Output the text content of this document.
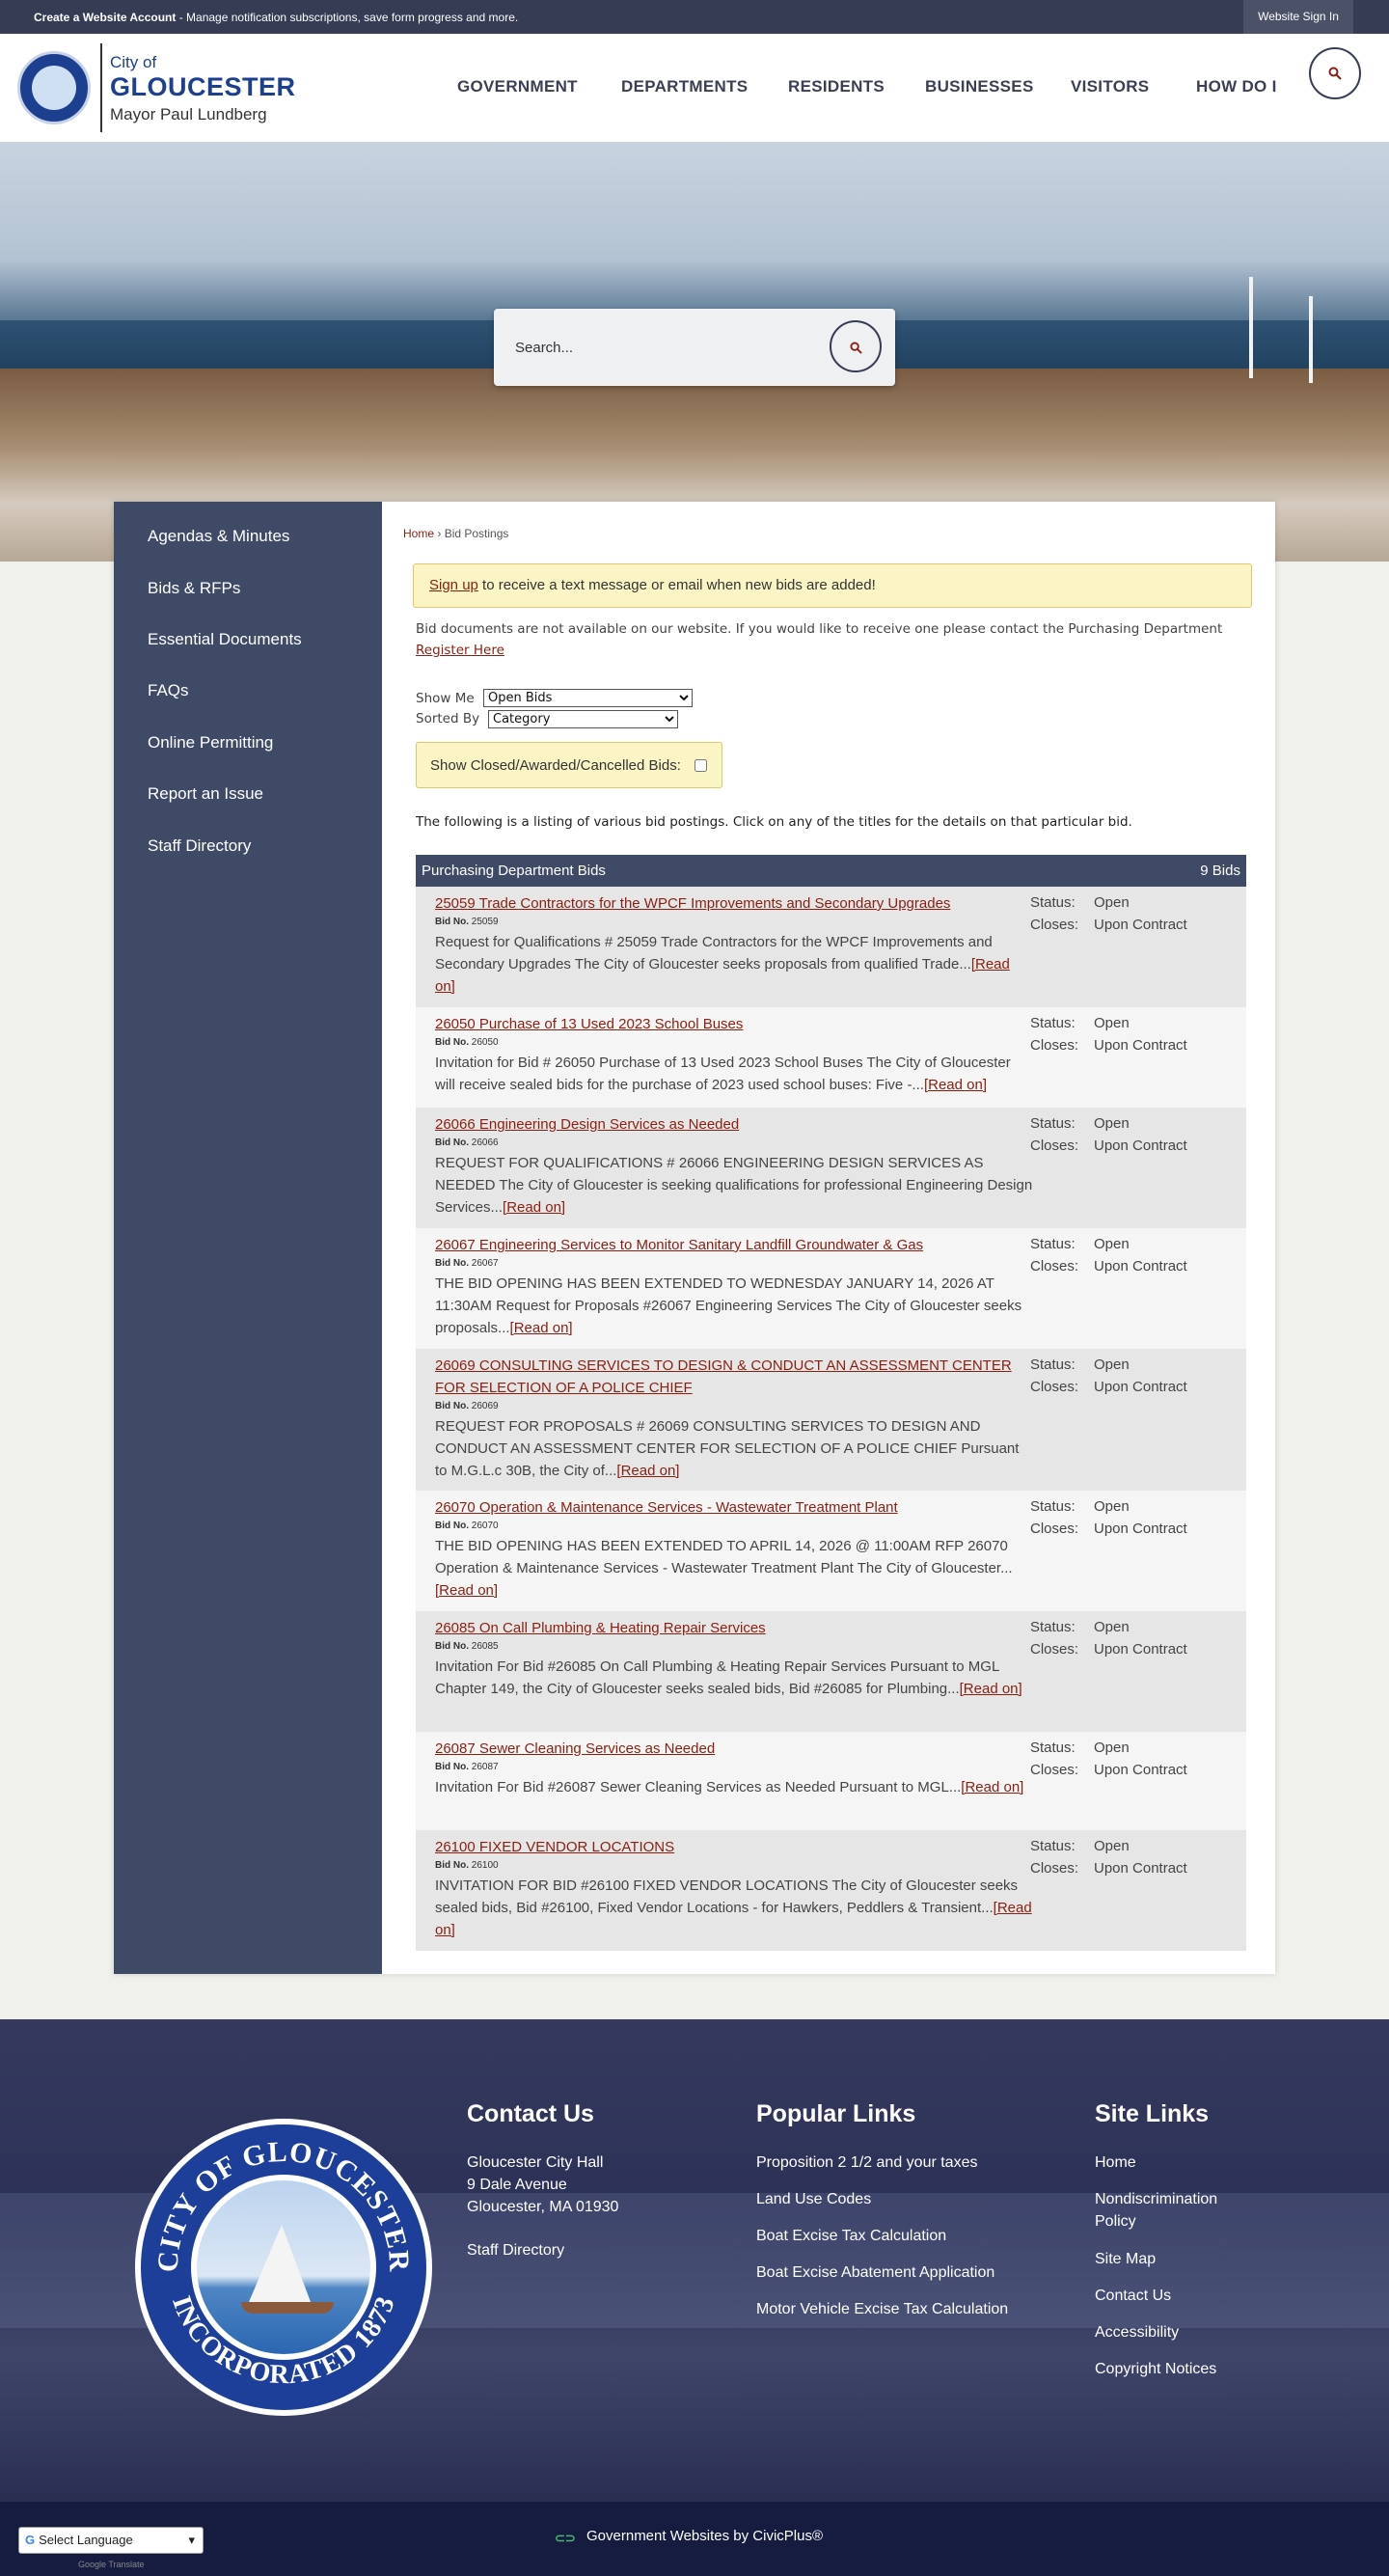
Create a Website Account - Manage notification subscriptions, save form progress and more.	Website Sign In
City of
GLOUCESTER
Mayor Paul Lundberg
GOVERNMENT	DEPARTMENTS RESIDENTS BUSINESSES VISITORS	HOW DO I
Search...
Agendas & Minutes
Bids & RFPs
Essential Documents
FAQs
Online Permitting
Report an Issue
Staff Directory
Home › Bid Postings
Sign up to receive a text message or email when new bids are added!
Bid documents are not available on our website. If you would like to receive one please contact the Purchasing Department
Register Here
Show Me
Open Bids
Sorted By
Category
Show Closed/Awarded/Cancelled Bids:
The following is a listing of various bid postings. Click on any of the titles for the details on that particular bid.
Purchasing Department Bids	9 Bids
25059 Trade Contractors for the WPCF Improvements and Secondary Upgrades
Bid No. 25059
Request for Qualifications # 25059 Trade Contractors for the WPCF Improvements and Secondary Upgrades The City of Gloucester seeks proposals from qualified Trade...[Read on]
Status: Open
Closes: Upon Contract
26050 Purchase of 13 Used 2023 School Buses
Bid No. 26050
Invitation for Bid # 26050 Purchase of 13 Used 2023 School Buses The City of Gloucester will receive sealed bids for the purchase of 2023 used school buses: Five -...[Read on]
Status: Open
Closes: Upon Contract
26066 Engineering Design Services as Needed
Bid No. 26066
REQUEST FOR QUALIFICATIONS # 26066 ENGINEERING DESIGN SERVICES AS NEEDED The City of Gloucester is seeking qualifications for professional Engineering Design Services...[Read on]
Status: Open
Closes: Upon Contract
26067 Engineering Services to Monitor Sanitary Landfill Groundwater & Gas
Bid No. 26067
THE BID OPENING HAS BEEN EXTENDED TO WEDNESDAY JANUARY 14, 2026 AT 11:30AM Request for Proposals #26067 Engineering Services The City of Gloucester seeks proposals...[Read on]
Status: Open
Closes: Upon Contract
26069 CONSULTING SERVICES TO DESIGN & CONDUCT AN ASSESSMENT CENTER FOR SELECTION OF A POLICE CHIEF
Bid No. 26069
REQUEST FOR PROPOSALS # 26069 CONSULTING SERVICES TO DESIGN AND CONDUCT AN ASSESSMENT CENTER FOR SELECTION OF A POLICE CHIEF Pursuant to M.G.L.c 30B, the City of...[Read on]
Status: Open
Closes: Upon Contract
26070 Operation & Maintenance Services - Wastewater Treatment Plant
Bid No. 26070
THE BID OPENING HAS BEEN EXTENDED TO APRIL 14, 2026 @ 11:00AM RFP 26070 Operation & Maintenance Services - Wastewater Treatment Plant The City of Gloucester...[Read on]
Status: Open
Closes: Upon Contract
26085 On Call Plumbing & Heating Repair Services
Bid No. 26085
Invitation For Bid #26085 On Call Plumbing & Heating Repair Services Pursuant to MGL Chapter 149, the City of Gloucester seeks sealed bids, Bid #26085 for Plumbing...[Read on]
Status: Open
Closes: Upon Contract
26087 Sewer Cleaning Services as Needed
Bid No. 26087
Invitation For Bid #26087 Sewer Cleaning Services as Needed Pursuant to MGL...[Read on]
Status: Open
Closes: Upon Contract
26100 FIXED VENDOR LOCATIONS
Bid No. 26100
INVITATION FOR BID #26100 FIXED VENDOR LOCATIONS The City of Gloucester seeks sealed bids, Bid #26100, Fixed Vendor Locations - for Hawkers, Peddlers & Transient...[Read on]
Status: Open
Closes: Upon Contract
CITY OF GLOUCESTER
INCORPORATED 1873
Contact Us
Gloucester City Hall
9 Dale Avenue
Gloucester, MA 01930
Staff Directory
Popular Links
Proposition 2 1/2 and your taxes
Land Use Codes
Boat Excise Tax Calculation
Boat Excise Abatement Application
Motor Vehicle Excise Tax Calculation
Site Links
Home
Nondiscrimination
Policy
Site Map
Contact Us
Accessibility
Copyright Notices
G Select Language	▾
Google Translate
⊂⊃ Government Websites by CivicPlus®
